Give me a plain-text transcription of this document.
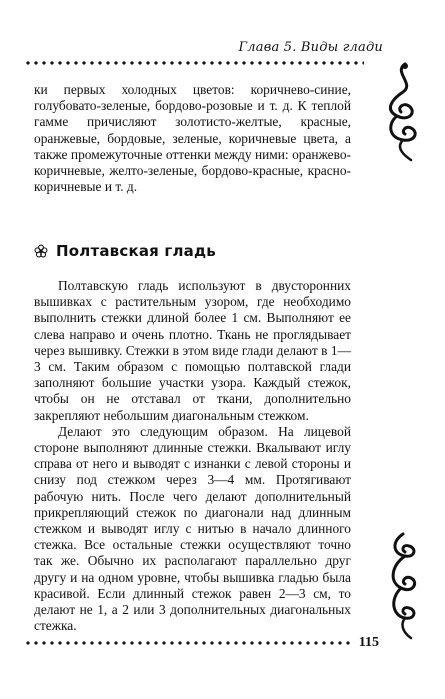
Глава 5. Виды глади
ки первых холодных цветов: коричнево-синие, голубовато-зеленые, бордово-розовые и т. д. К теплой гамме причисляют золотисто-желтые, красные, оранжевые, бордовые, зеленые, коричневые цвета, а также промежуточные оттенки между ними: оранжево-коричневые, желто-зеленые, бордово-красные, красно-коричневые и т. д.
Полтавская гладь

Полтавскую гладь используют в двусторонних вышивках с растительным узором, где необходимо выполнить стежки длиной более 1 см. Выполняют ее слева направо и очень плотно. Ткань не проглядывает через вышивку. Стежки в этом виде глади делают в 1—3 см. Таким образом с помощью полтавской глади заполняют большие участки узора. Каждый стежок, чтобы он не отставал от ткани, дополнительно закрепляют небольшим диагональным стежком.

Делают это следующим образом. На лицевой стороне выполняют длинные стежки. Вкалывают иглу справа от него и выводят с изнанки с левой стороны и снизу под стежком через 3—4 мм. Протягивают рабочую нить. После чего делают дополнительный прикрепляющий стежок по диагонали над длинным стежком и выводят иглу с нитью в начало длинного стежка. Все остальные стежки осуществляют точно так же. Обычно их располагают параллельно друг другу и на одном уровне, чтобы вышивка гладью была красивой. Если длинный стежок равен 2—3 см, то делают не 1, а 2 или 3 дополнительных диагональных стежка.

115
